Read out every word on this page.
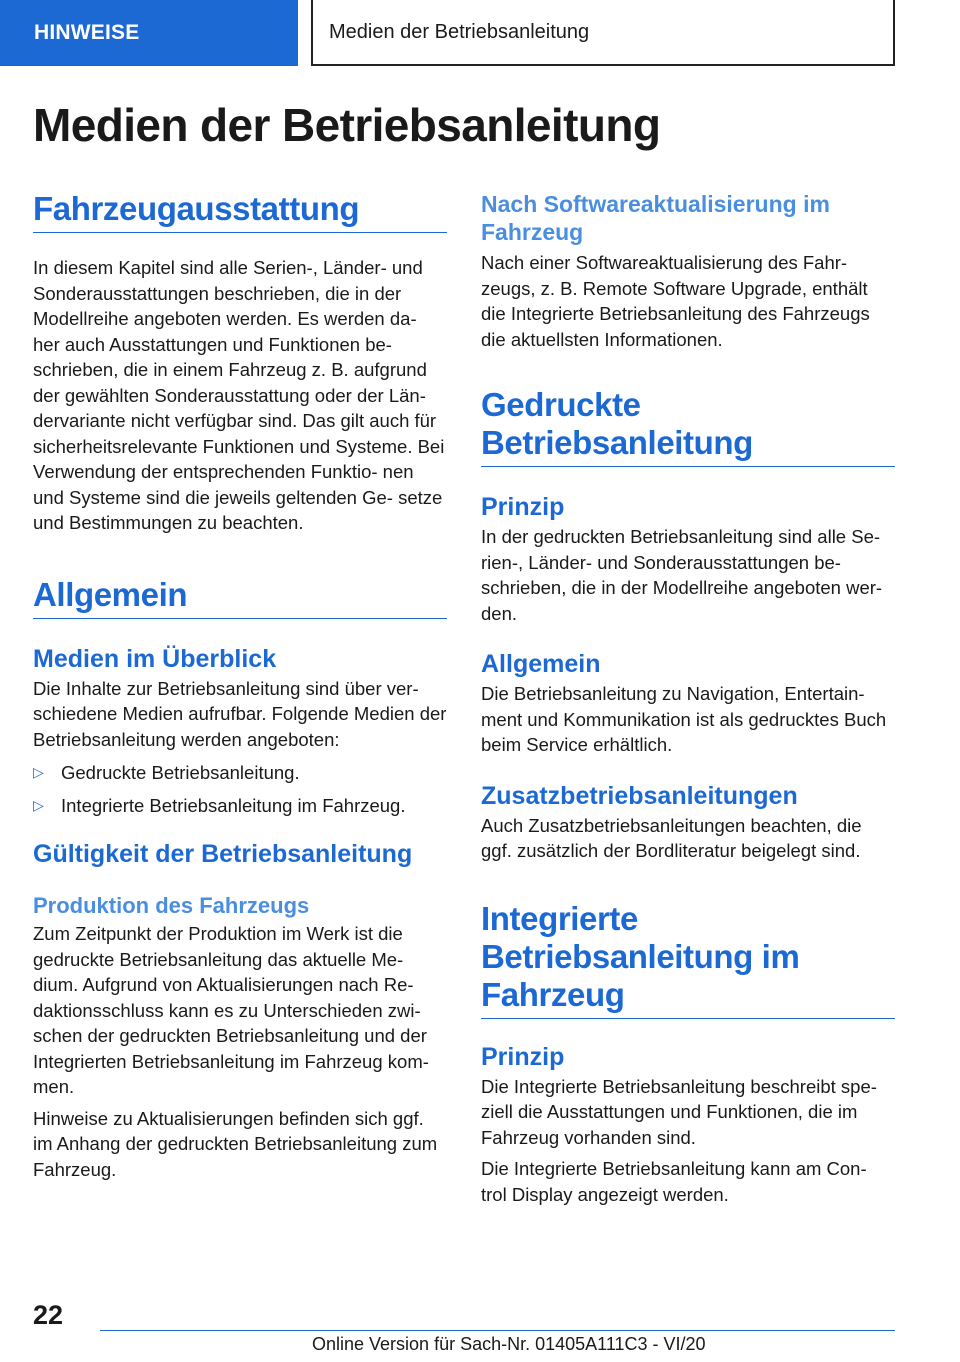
HINWEISE	Medien der Betriebsanleitung
Medien der Betriebsanleitung
Fahrzeugausstattung

In diesem Kapitel sind alle Serien-, Länder- und Sonderausstattungen beschrieben, die in der Modellreihe angeboten werden. Es werden da- her auch Ausstattungen und Funktionen be- schrieben, die in einem Fahrzeug z. B. aufgrund der gewählten Sonderausstattung oder der Län- dervariante nicht verfügbar sind. Das gilt auch für sicherheitsrelevante Funktionen und Systeme. Bei Verwendung der entsprechenden Funktio- nen und Systeme sind die jeweils geltenden Ge- setze und Bestimmungen zu beachten.

Allgemein
Medien im Überblick

Die Inhalte zur Betriebsanleitung sind über ver- schiedene Medien aufrufbar. Folgende Medien der Betriebsanleitung werden angeboten:

▷ Gedruckte Betriebsanleitung.
▷ Integrierte Betriebsanleitung im Fahrzeug.
Gültigkeit der Betriebsanleitung
Produktion des Fahrzeugs

Zum Zeitpunkt der Produktion im Werk ist die gedruckte Betriebsanleitung das aktuelle Me- dium. Aufgrund von Aktualisierungen nach Re- daktionsschluss kann es zu Unterschieden zwi- schen der gedruckten Betriebsanleitung und der Integrierten Betriebsanleitung im Fahrzeug kom- men.

Hinweise zu Aktualisierungen befinden sich ggf. im Anhang der gedruckten Betriebsanleitung zum Fahrzeug.

Nach Softwareaktualisierung im Fahrzeug

Nach einer Softwareaktualisierung des Fahr- zeugs, z. B. Remote Software Upgrade, enthält die Integrierte Betriebsanleitung des Fahrzeugs die aktuellsten Informationen.

Gedruckte Betriebsanleitung
Prinzip

In der gedruckten Betriebsanleitung sind alle Se- rien-, Länder- und Sonderausstattungen be- schrieben, die in der Modellreihe angeboten wer- den.

Allgemein

Die Betriebsanleitung zu Navigation, Entertain- ment und Kommunikation ist als gedrucktes Buch beim Service erhältlich.

Zusatzbetriebsanleitungen

Auch Zusatzbetriebsanleitungen beachten, die ggf. zusätzlich der Bordliteratur beigelegt sind.

Integrierte Betriebsanleitung im Fahrzeug
Prinzip

Die Integrierte Betriebsanleitung beschreibt spe- ziell die Ausstattungen und Funktionen, die im Fahrzeug vorhanden sind.

Die Integrierte Betriebsanleitung kann am Con- trol Display angezeigt werden.

22
Online Version für Sach-Nr. 01405A111C3 - VI/20
